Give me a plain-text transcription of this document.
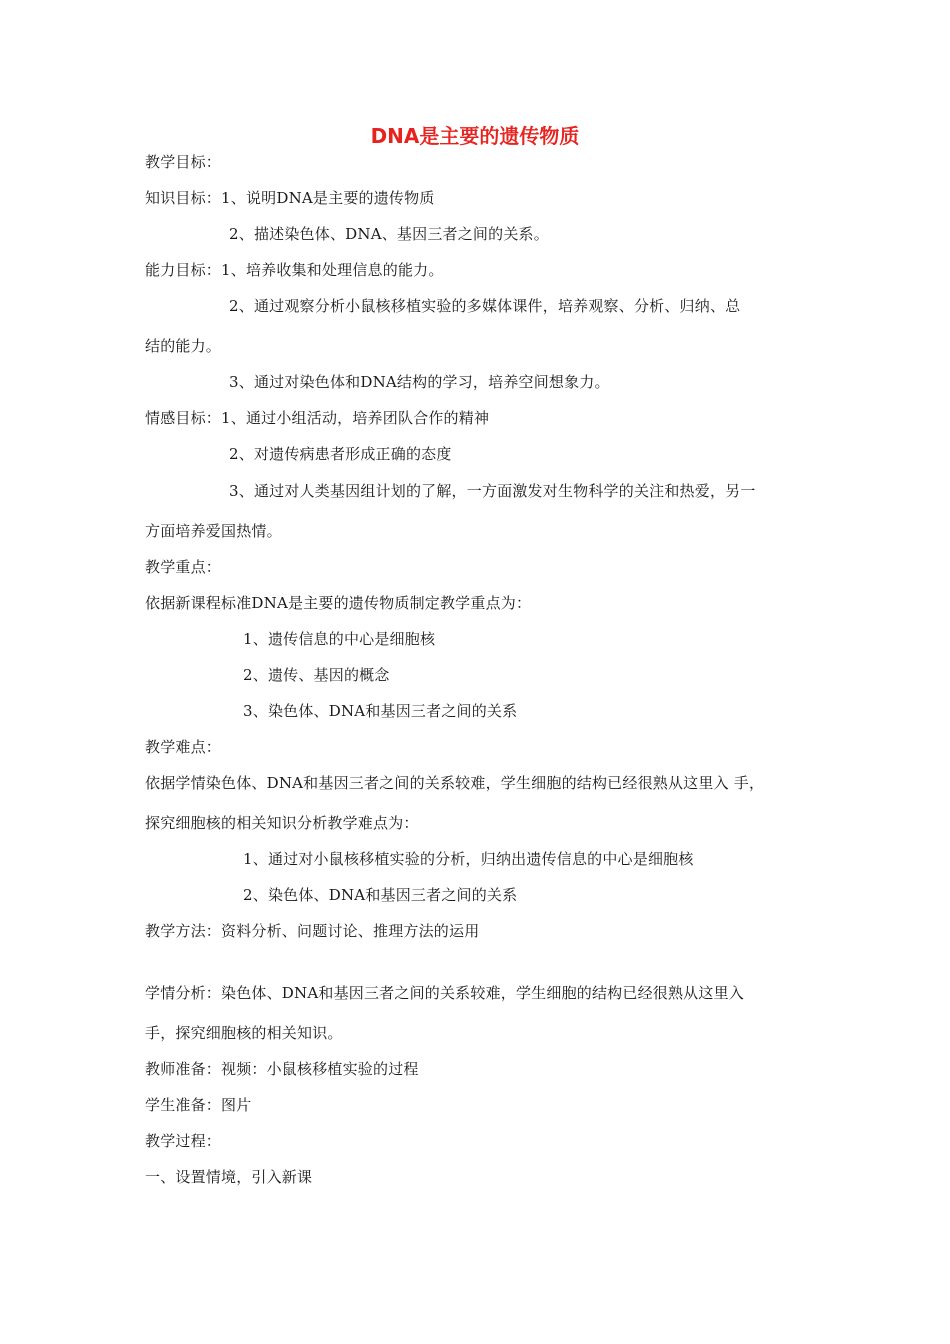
DNA是主要的遗传物质
教学目标：
知识目标：1、说明DNA是主要的遗传物质
2、描述染色体、DNA、基因三者之间的关系。
能力目标：1、培养收集和处理信息的能力。
2、通过观察分析小鼠核移植实验的多媒体课件，培养观察、分析、归纳、总
结的能力。
3、通过对染色体和DNA结构的学习，培养空间想象力。
情感目标：1、通过小组活动，培养团队合作的精神
2、对遗传病患者形成正确的态度
3、通过对人类基因组计划的了解，一方面激发对生物科学的关注和热爱，另一
方面培养爱国热情。
教学重点：
依据新课程标准DNA是主要的遗传物质制定教学重点为：
1、遗传信息的中心是细胞核
2、遗传、基因的概念
3、染色体、DNA和基因三者之间的关系
教学难点：
依据学情染色体、DNA和基因三者之间的关系较难，学生细胞的结构已经很熟从这里入 手，
探究细胞核的相关知识分析教学难点为：
1、通过对小鼠核移植实验的分析，归纳出遗传信息的中心是细胞核
2、染色体、DNA和基因三者之间的关系
教学方法：资料分析、问题讨论、推理方法的运用
学情分析：染色体、DNA和基因三者之间的关系较难，学生细胞的结构已经很熟从这里入
手，探究细胞核的相关知识。
教师准备：视频：小鼠核移植实验的过程
学生准备：图片
教学过程：
一、设置情境，引入新课
